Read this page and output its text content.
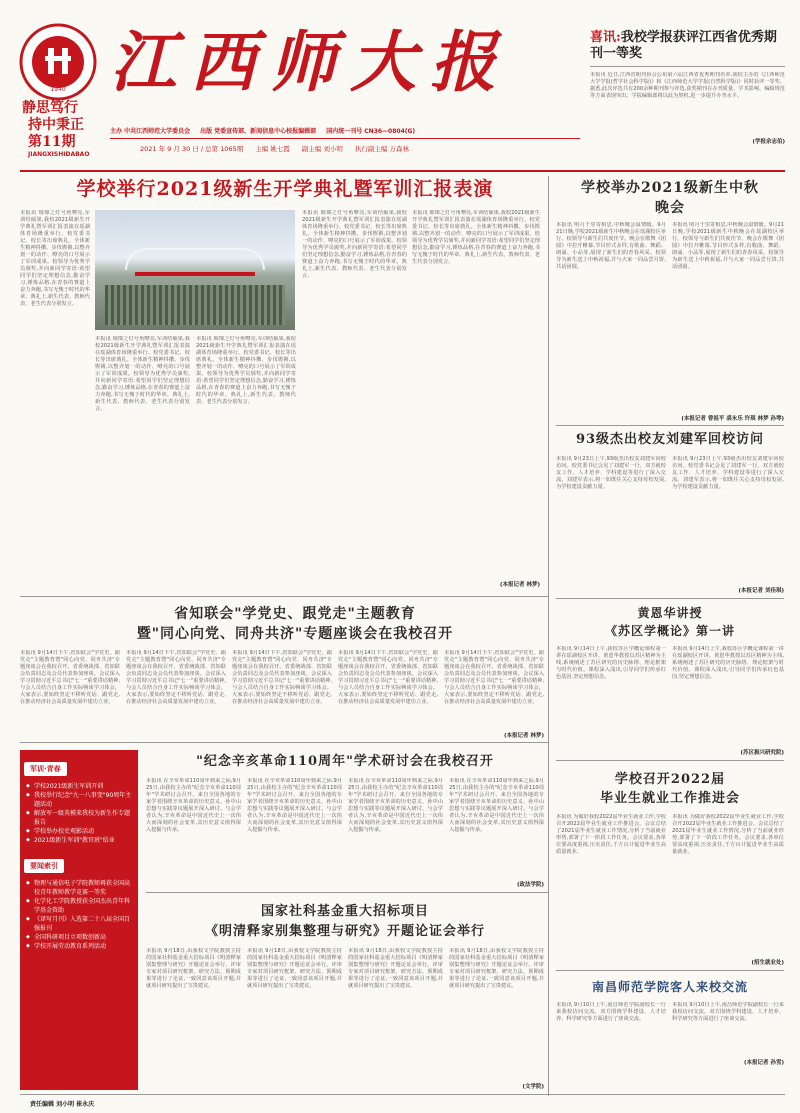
1940 江西师大报
静思笃行
持中秉正
第11期
JIANGXISHIDABAO
主办 中共江西师范大学委员会 出版 党委宣传部、新闻信息中心校报编辑部 国内统一刊号 CN36—0804(G)
2021 年 9 月 30 日 / 总第 1065期 主编 姚七霞 副主编 刘小明 执行副主编 万森林
喜讯:我校学报获评江西省优秀期刊一等奖
本报讯 近日,江西省期刊协会公布第六届江西省优秀期刊名单,我校主办的《江西师范大学学报(哲学社会科学版)》和《江西师范大学学报(自然科学版)》同时获评一等奖。据悉,此次评选共有200余种期刊参与评选,获奖期刊在办刊质量、学术影响、编辑规范等方面表现突出。学报编辑部将以此为契机,进一步提升办刊水平。
(学报余志伯)
学校举行2021级新生开学典礼暨军训汇报表演
本报讯 璀璨之灯号角嘹亮,军训结硕果,我校2021级新生开学典礼暨军训汇报表演在瑶湖体育场隆重举行。校党委书记、校长等出席典礼。全体新生精神抖擞、步伐铿锵,以整齐划一的动作、嘹亮的口号展示了军训成果。校领导为优秀学员颁奖,并向新同学寄语:希望同学们坚定理想信念,勤奋学习,锤炼品格,在青春的赛道上奋力奔跑,书写无愧于时代的华章。典礼上,新生代表、教师代表、老生代表分别发言。
本报讯 璀璨之灯号角嘹亮,军训结硕果,我校2021级新生开学典礼暨军训汇报表演在瑶湖体育场隆重举行。校党委书记、校长等出席典礼。全体新生精神抖擞、步伐铿锵,以整齐划一的动作、嘹亮的口号展示了军训成果。校领导为优秀学员颁奖,并向新同学寄语:希望同学们坚定理想信念,勤奋学习,锤炼品格,在青春的赛道上奋力奔跑,书写无愧于时代的华章。典礼上,新生代表、教师代表、老生代表分别发言。
本报讯 璀璨之灯号角嘹亮,军训结硕果,我校2021级新生开学典礼暨军训汇报表演在瑶湖体育场隆重举行。校党委书记、校长等出席典礼。全体新生精神抖擞、步伐铿锵,以整齐划一的动作、嘹亮的口号展示了军训成果。校领导为优秀学员颁奖,并向新同学寄语:希望同学们坚定理想信念,勤奋学习,锤炼品格,在青春的赛道上奋力奔跑,书写无愧于时代的华章。典礼上,新生代表、教师代表、老生代表分别发言。
本报讯 璀璨之灯号角嘹亮,军训结硕果,我校2021级新生开学典礼暨军训汇报表演在瑶湖体育场隆重举行。校党委书记、校长等出席典礼。全体新生精神抖擞、步伐铿锵,以整齐划一的动作、嘹亮的口号展示了军训成果。校领导为优秀学员颁奖,并向新同学寄语:希望同学们坚定理想信念,勤奋学习,锤炼品格,在青春的赛道上奋力奔跑,书写无愧于时代的华章。典礼上,新生代表、教师代表、老生代表分别发言。
本报讯 璀璨之灯号角嘹亮,军训结硕果,我校2021级新生开学典礼暨军训汇报表演在瑶湖体育场隆重举行。校党委书记、校长等出席典礼。全体新生精神抖擞、步伐铿锵,以整齐划一的动作、嘹亮的口号展示了军训成果。校领导为优秀学员颁奖,并向新同学寄语:希望同学们坚定理想信念,勤奋学习,锤炼品格,在青春的赛道上奋力奔跑,书写无愧于时代的华章。典礼上,新生代表、教师代表、老生代表分别发言。
(本报记者 林梦)
学校举办2021级新生中秋晚会
本报讯 明月千里寄相思,中秋晚会温情暖。9月21日晚,学校2021级新生中秋晚会在瑶湖校区举行。校领导与新生们共度佳节。晚会在歌舞《团圆》中拉开帷幕,节目形式多样,有歌曲、舞蹈、朗诵、小品等,展现了新生们的青春风采。校领导为新生送上中秋祝福,并与大家一同品尝月饼,共话团圆。
本报讯 明月千里寄相思,中秋晚会温情暖。9月21日晚,学校2021级新生中秋晚会在瑶湖校区举行。校领导与新生们共度佳节。晚会在歌舞《团圆》中拉开帷幕,节目形式多样,有歌曲、舞蹈、朗诵、小品等,展现了新生们的青春风采。校领导为新生送上中秋祝福,并与大家一同品尝月饼,共话团圆。
(本报记者 曾祖平 裘永乐 许琪 林梦 孙琴)
93级杰出校友刘建军回校访问
本报讯 9月23日上午,93级杰出校友刘建军回校访问。校党委书记会见了刘建军一行。双方就校友工作、人才培养、学科建设等进行了深入交流。刘建军表示,将一如既往关心支持母校发展,为学校建设贡献力量。
本报讯 9月23日上午,93级杰出校友刘建军回校访问。校党委书记会见了刘建军一行。双方就校友工作、人才培养、学科建设等进行了深入交流。刘建军表示,将一如既往关心支持母校发展,为学校建设贡献力量。
(本报记者 刘佳琪)
黄恩华讲授
《苏区学概论》第一讲
本报讯 9月14日上午,我校苏区学概论课程第一讲在瑶湖校区开讲。黄恩华教授以苏区精神为主线,系统阐述了苏区研究的历史脉络、理论框架与时代价值。课程深入浅出,引导同学们传承红色基因,坚定理想信念。
本报讯 9月14日上午,我校苏区学概论课程第一讲在瑶湖校区开讲。黄恩华教授以苏区精神为主线,系统阐述了苏区研究的历史脉络、理论框架与时代价值。课程深入浅出,引导同学们传承红色基因,坚定理想信念。
(苏区振兴研究院)
学校召开2022届
毕业生就业工作推进会
本报讯 为做好我校2022届毕业生就业工作,学校召开2022届毕业生就业工作推进会。会议总结了2021届毕业生就业工作情况,分析了当前就业形势,部署了下一阶段工作任务。会议要求,各单位要高度重视,压实责任,千方百计促进毕业生高质量就业。
本报讯 为做好我校2022届毕业生就业工作,学校召开2022届毕业生就业工作推进会。会议总结了2021届毕业生就业工作情况,分析了当前就业形势,部署了下一阶段工作任务。会议要求,各单位要高度重视,压实责任,千方百计促进毕业生高质量就业。
(招生就业处)
南昌师范学院客人来校交流
本报讯 9月10日上午,南昌师范学院副校长一行来我校访问交流。双方围绕学科建设、人才培养、科学研究等方面进行了座谈交流。
本报讯 9月10日上午,南昌师范学院副校长一行来我校访问交流。双方围绕学科建设、人才培养、科学研究等方面进行了座谈交流。
(本报记者 孙雪)
省知联会"学党史、跟党走"主题教育
暨"同心向党、同舟共济"专题座谈会在我校召开
本报讯 9月14日下午,省知联会"学党史、跟党走"主题教育暨"同心向党、同舟共济"专题座谈会在我校召开。省委统战部、省知联会负责同志及会员代表参加座谈。会议深入学习贯彻习近平总书记"七一"重要讲话精神,与会人员结合自身工作实际畅谈学习体会。大家表示,要始终坚定不移听党话、跟党走,在推动经济社会高质量发展中建功立业。
本报讯 9月14日下午,省知联会"学党史、跟党走"主题教育暨"同心向党、同舟共济"专题座谈会在我校召开。省委统战部、省知联会负责同志及会员代表参加座谈。会议深入学习贯彻习近平总书记"七一"重要讲话精神,与会人员结合自身工作实际畅谈学习体会。大家表示,要始终坚定不移听党话、跟党走,在推动经济社会高质量发展中建功立业。
本报讯 9月14日下午,省知联会"学党史、跟党走"主题教育暨"同心向党、同舟共济"专题座谈会在我校召开。省委统战部、省知联会负责同志及会员代表参加座谈。会议深入学习贯彻习近平总书记"七一"重要讲话精神,与会人员结合自身工作实际畅谈学习体会。大家表示,要始终坚定不移听党话、跟党走,在推动经济社会高质量发展中建功立业。
本报讯 9月14日下午,省知联会"学党史、跟党走"主题教育暨"同心向党、同舟共济"专题座谈会在我校召开。省委统战部、省知联会负责同志及会员代表参加座谈。会议深入学习贯彻习近平总书记"七一"重要讲话精神,与会人员结合自身工作实际畅谈学习体会。大家表示,要始终坚定不移听党话、跟党走,在推动经济社会高质量发展中建功立业。
本报讯 9月14日下午,省知联会"学党史、跟党走"主题教育暨"同心向党、同舟共济"专题座谈会在我校召开。省委统战部、省知联会负责同志及会员代表参加座谈。会议深入学习贯彻习近平总书记"七一"重要讲话精神,与会人员结合自身工作实际畅谈学习体会。大家表示,要始终坚定不移听党话、跟党走,在推动经济社会高质量发展中建功立业。
(本报记者 林梦)
军训·青春
◆ 学校2021级新生军训开训
◆ 我校举行纪念"九一八事变"90周年主题活动
◆ 解放军一级英模来我校为新生作专题报告
◆ 学校举办校史观影活动
◆ 2021级新生军训"教官班"结业
要闻索引
◆ 物理与通信电子学院教师再获全国高校青年教师教学竞赛一等奖
◆ 化学化工学院教授获全国杰出青年科学基金资助
◆ 《译写月刊》入选第二十八届全国百强报刊
◆ 全国科研项目立项数创新高
◆ 学校开展劳动教育系列活动
"纪念辛亥革命110周年"学术研讨会在我校召开
本报讯 在辛亥革命110周年到来之际,9月25日,由我校主办的"纪念辛亥革命110周年"学术研讨会召开。来自全国各地的专家学者围绕辛亥革命的历史意义、孙中山思想与实践等议题展开深入研讨。与会学者认为,辛亥革命是中国近代史上一次伟大而深刻的社会变革,其历史意义值得深入挖掘与传承。
本报讯 在辛亥革命110周年到来之际,9月25日,由我校主办的"纪念辛亥革命110周年"学术研讨会召开。来自全国各地的专家学者围绕辛亥革命的历史意义、孙中山思想与实践等议题展开深入研讨。与会学者认为,辛亥革命是中国近代史上一次伟大而深刻的社会变革,其历史意义值得深入挖掘与传承。
本报讯 在辛亥革命110周年到来之际,9月25日,由我校主办的"纪念辛亥革命110周年"学术研讨会召开。来自全国各地的专家学者围绕辛亥革命的历史意义、孙中山思想与实践等议题展开深入研讨。与会学者认为,辛亥革命是中国近代史上一次伟大而深刻的社会变革,其历史意义值得深入挖掘与传承。
本报讯 在辛亥革命110周年到来之际,9月25日,由我校主办的"纪念辛亥革命110周年"学术研讨会召开。来自全国各地的专家学者围绕辛亥革命的历史意义、孙中山思想与实践等议题展开深入研讨。与会学者认为,辛亥革命是中国近代史上一次伟大而深刻的社会变革,其历史意义值得深入挖掘与传承。
(政法学院)
国家社科基金重大招标项目
《明清释家别集整理与研究》开题论证会举行
本报讯 9月18日,由我校文学院教授主持的国家社科基金重大招标项目《明清释家别集整理与研究》开题论证会举行。评审专家对项目研究框架、研究方法、预期成果等进行了论证,一致同意该项目开题,并就项目研究提出了宝贵建议。
本报讯 9月18日,由我校文学院教授主持的国家社科基金重大招标项目《明清释家别集整理与研究》开题论证会举行。评审专家对项目研究框架、研究方法、预期成果等进行了论证,一致同意该项目开题,并就项目研究提出了宝贵建议。
本报讯 9月18日,由我校文学院教授主持的国家社科基金重大招标项目《明清释家别集整理与研究》开题论证会举行。评审专家对项目研究框架、研究方法、预期成果等进行了论证,一致同意该项目开题,并就项目研究提出了宝贵建议。
本报讯 9月18日,由我校文学院教授主持的国家社科基金重大招标项目《明清释家别集整理与研究》开题论证会举行。评审专家对项目研究框架、研究方法、预期成果等进行了论证,一致同意该项目开题,并就项目研究提出了宝贵建议。
(文学院)
责任编辑 刘小明 崔永庆
